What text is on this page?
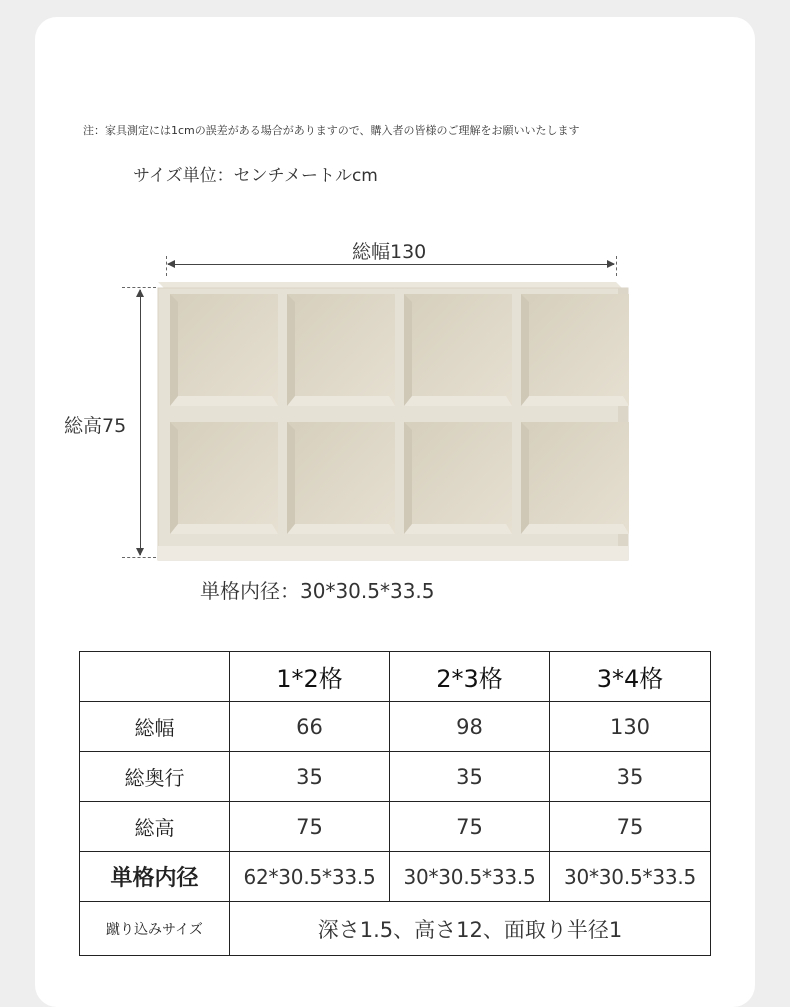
注：家具測定には1cmの誤差がある場合がありますので、購入者の皆様のご理解をお願いいたします
サイズ単位：センチメートルcm
総幅130
総高75
単格内径：30*30.5*33.5
	1*2格	2*3格	3*4格
総幅	66	98	130
総奥行	35	35	35
総高	75	75	75
単格内径	62*30.5*33.5	30*30.5*33.5	30*30.5*33.5
蹴り込みサイズ	深さ1.5、高さ12、面取り半径1		
